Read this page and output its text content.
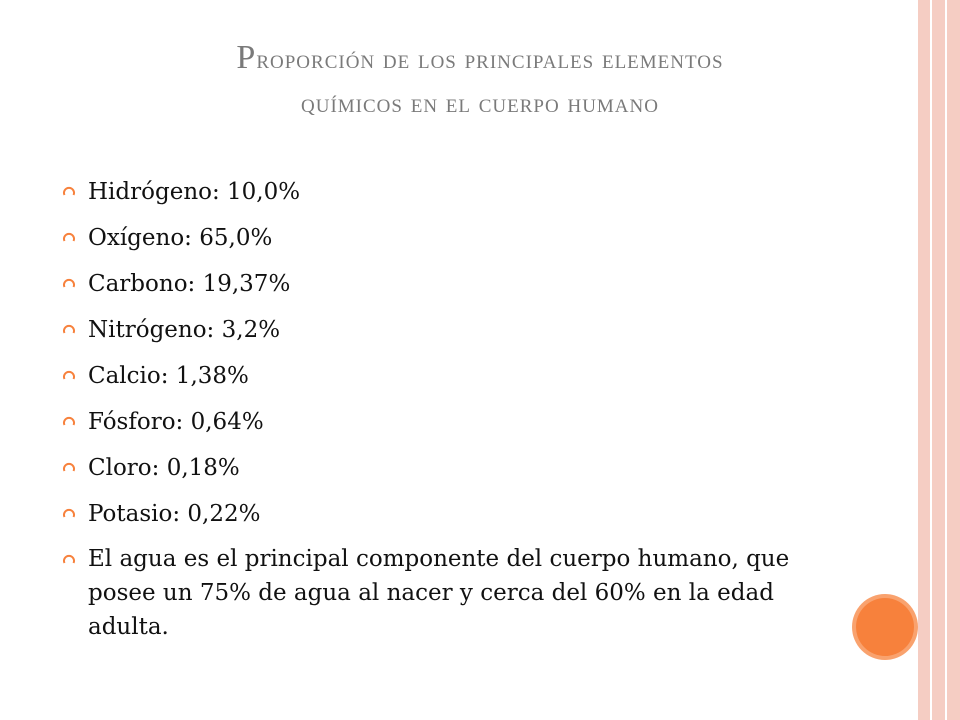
Proporción de los principales elementos
químicos en el cuerpo humano
Hidrógeno: 10,0%
Oxígeno: 65,0%
Carbono: 19,37%
Nitrógeno: 3,2%
Calcio: 1,38%
Fósforo: 0,64%
Cloro: 0,18%
Potasio: 0,22%
El agua es el principal componente del cuerpo humano, que posee un 75% de agua al nacer y cerca del 60% en la edad adulta.
